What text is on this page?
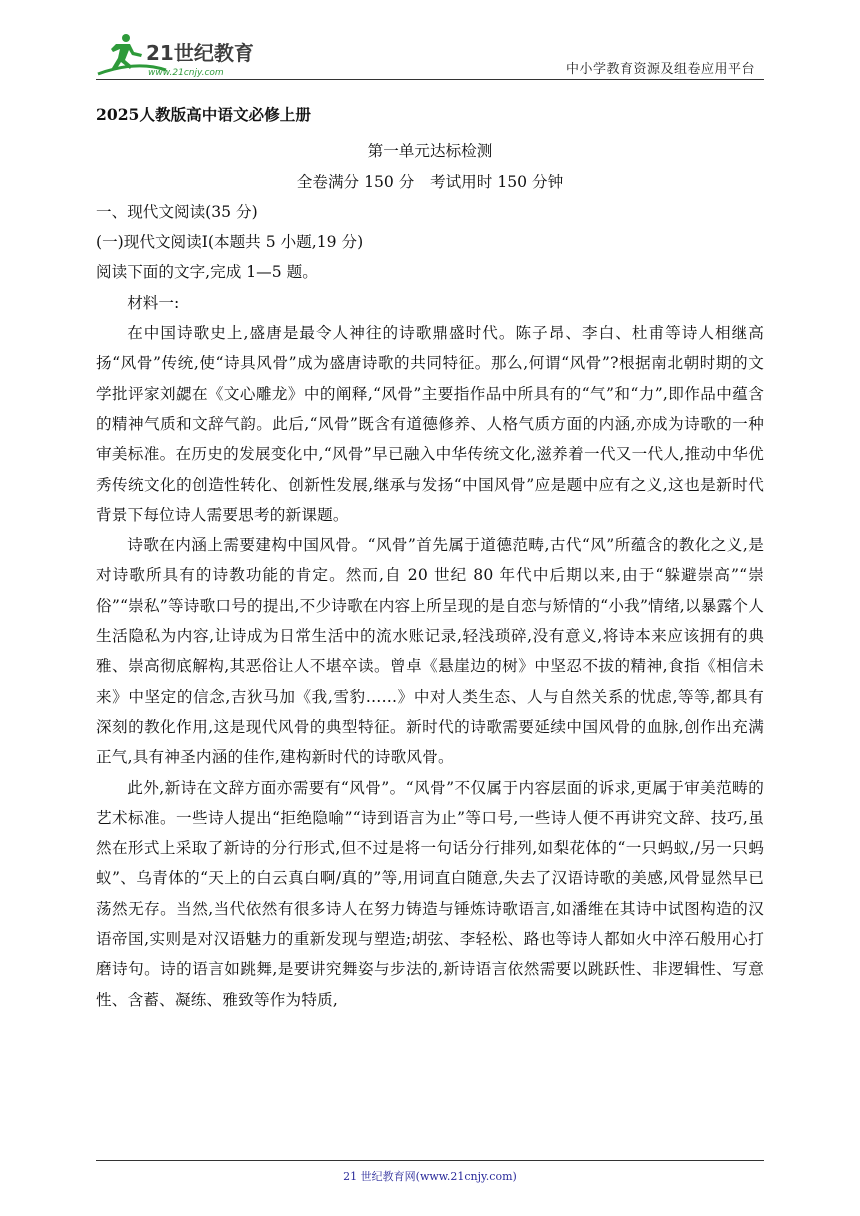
21世纪教育
www.21cnjy.com	中小学教育资源及组卷应用平台
2025人教版高中语文必修上册
第一单元达标检测
全卷满分 150 分　考试用时 150 分钟
一、现代文阅读(35 分)
(一)现代文阅读Ⅰ(本题共 5 小题,19 分)
阅读下面的文字,完成 1—5 题。
材料一:
在中国诗歌史上,盛唐是最令人神往的诗歌鼎盛时代。陈子昂、李白、杜甫等诗人相继高扬“风骨”传统,使“诗具风骨”成为盛唐诗歌的共同特征。那么,何谓“风骨”?根据南北朝时期的文学批评家刘勰在《文心雕龙》中的阐释,“风骨”主要指作品中所具有的“气”和“力”,即作品中蕴含的精神气质和文辞气韵。此后,“风骨”既含有道德修养、人格气质方面的内涵,亦成为诗歌的一种审美标准。在历史的发展变化中,“风骨”早已融入中华传统文化,滋养着一代又一代人,推动中华优秀传统文化的创造性转化、创新性发展,继承与发扬“中国风骨”应是题中应有之义,这也是新时代背景下每位诗人需要思考的新课题。
诗歌在内涵上需要建构中国风骨。“风骨”首先属于道德范畴,古代“风”所蕴含的教化之义,是对诗歌所具有的诗教功能的肯定。然而,自 20 世纪 80 年代中后期以来,由于“躲避崇高”“崇俗”“崇私”等诗歌口号的提出,不少诗歌在内容上所呈现的是自恋与矫情的“小我”情绪,以暴露个人生活隐私为内容,让诗成为日常生活中的流水账记录,轻浅琐碎,没有意义,将诗本来应该拥有的典雅、崇高彻底解构,其恶俗让人不堪卒读。曾卓《悬崖边的树》中坚忍不拔的精神,食指《相信未来》中坚定的信念,吉狄马加《我,雪豹……》中对人类生态、人与自然关系的忧虑,等等,都具有深刻的教化作用,这是现代风骨的典型特征。新时代的诗歌需要延续中国风骨的血脉,创作出充满正气,具有神圣内涵的佳作,建构新时代的诗歌风骨。
此外,新诗在文辞方面亦需要有“风骨”。“风骨”不仅属于内容层面的诉求,更属于审美范畴的艺术标准。一些诗人提出“拒绝隐喻”“诗到语言为止”等口号,一些诗人便不再讲究文辞、技巧,虽然在形式上采取了新诗的分行形式,但不过是将一句话分行排列,如梨花体的“一只蚂蚁,/另一只蚂蚁”、乌青体的“天上的白云真白啊/真的”等,用词直白随意,失去了汉语诗歌的美感,风骨显然早已荡然无存。当然,当代依然有很多诗人在努力铸造与锤炼诗歌语言,如潘维在其诗中试图构造的汉语帝国,实则是对汉语魅力的重新发现与塑造;胡弦、李轻松、路也等诗人都如火中淬石般用心打磨诗句。诗的语言如跳舞,是要讲究舞姿与步法的,新诗语言依然需要以跳跃性、非逻辑性、写意性、含蓄、凝练、雅致等作为特质,
21 世纪教育网(www.21cnjy.com)
